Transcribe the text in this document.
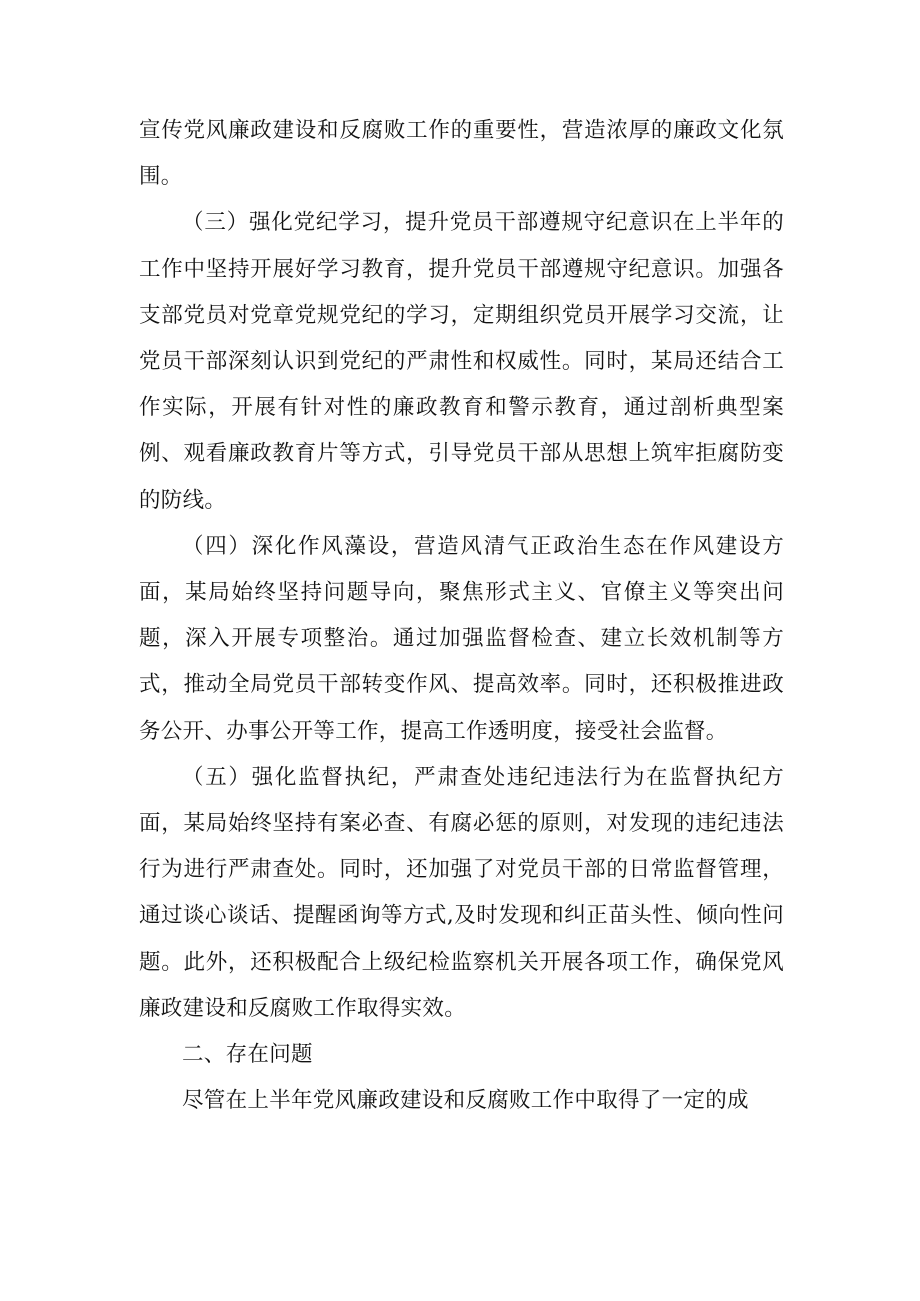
宣传党风廉政建设和反腐败工作的重要性，营造浓厚的廉政文化氛围。

（三）强化党纪学习，提升党员干部遵规守纪意识在上半年的工作中坚持开展好学习教育，提升党员干部遵规守纪意识。加强各支部党员对党章党规党纪的学习，定期组织党员开展学习交流，让党员干部深刻认识到党纪的严肃性和权威性。同时，某局还结合工作实际，开展有针对性的廉政教育和警示教育，通过剖析典型案例、观看廉政教育片等方式，引导党员干部从思想上筑牢拒腐防变的防线。

（四）深化作风藻设，营造风清气正政治生态在作风建设方面，某局始终坚持问题导向，聚焦形式主义、官僚主义等突出问题，深入开展专项整治。通过加强监督检查、建立长效机制等方式，推动全局党员干部转变作风、提高效率。同时，还积极推进政务公开、办事公开等工作，提高工作透明度，接受社会监督。

（五）强化监督执纪，严肃查处违纪违法行为在监督执纪方面，某局始终坚持有案必查、有腐必惩的原则，对发现的违纪违法行为进行严肃查处。同时，还加强了对党员干部的日常监督管理，通过谈心谈话、提醒函询等方式,及时发现和纠正苗头性、倾向性问题。此外，还积极配合上级纪检监察机关开展各项工作，确保党风廉政建设和反腐败工作取得实效。

二、存在问题

尽管在上半年党风廉政建设和反腐败工作中取得了一定的成
